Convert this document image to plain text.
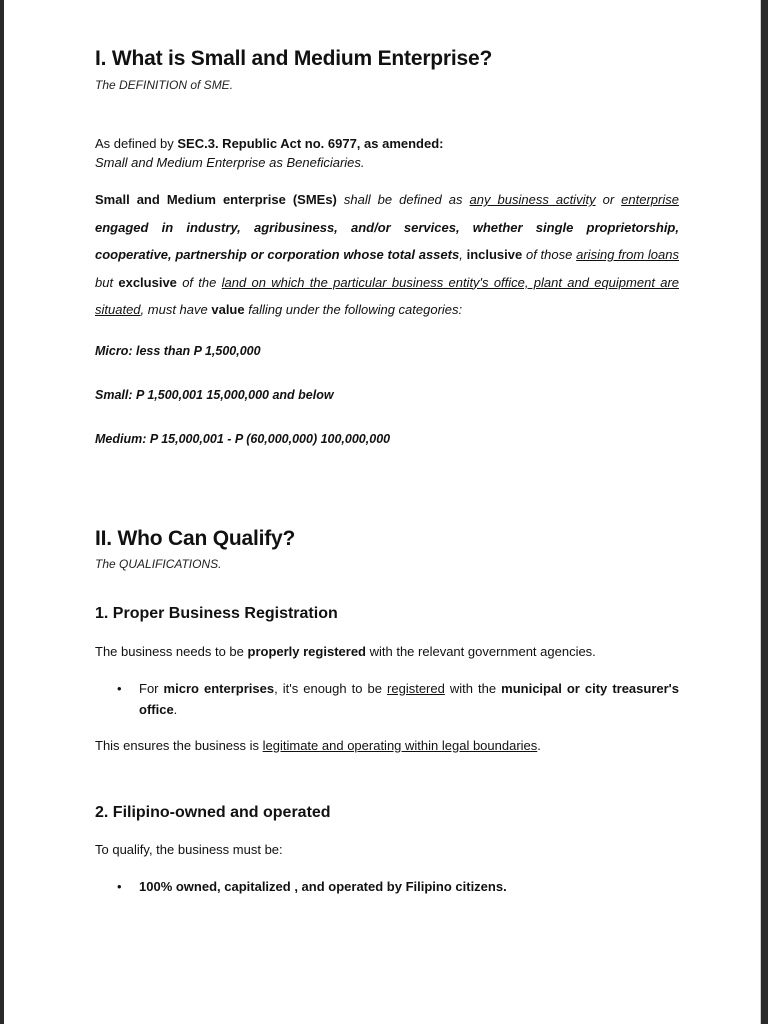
I. What is Small and Medium Enterprise?

The DEFINITION of SME.

As defined by SEC.3. Republic Act no. 6977, as amended:

Small and Medium Enterprise as Beneficiaries.

Small and Medium enterprise (SMEs) shall be defined as any business activity or enterprise engaged in industry, agribusiness, and/or services, whether single proprietorship, cooperative, partnership or corporation whose total assets, inclusive of those arising from loans but exclusive of the land on which the particular business entity's office, plant and equipment are situated, must have value falling under the following categories:

Micro: less than P 1,500,000

Small: P 1,500,001 15,000,000 and below

Medium: P 15,000,001 - P (60,000,000) 100,000,000

II. Who Can Qualify?

The QUALIFICATIONS.

1. Proper Business Registration

The business needs to be properly registered with the relevant government agencies.

• For micro enterprises, it's enough to be registered with the municipal or city treasurer's office.

This ensures the business is legitimate and operating within legal boundaries.

2. Filipino-owned and operated

To qualify, the business must be:

• 100% owned, capitalized , and operated by Filipino citizens.
